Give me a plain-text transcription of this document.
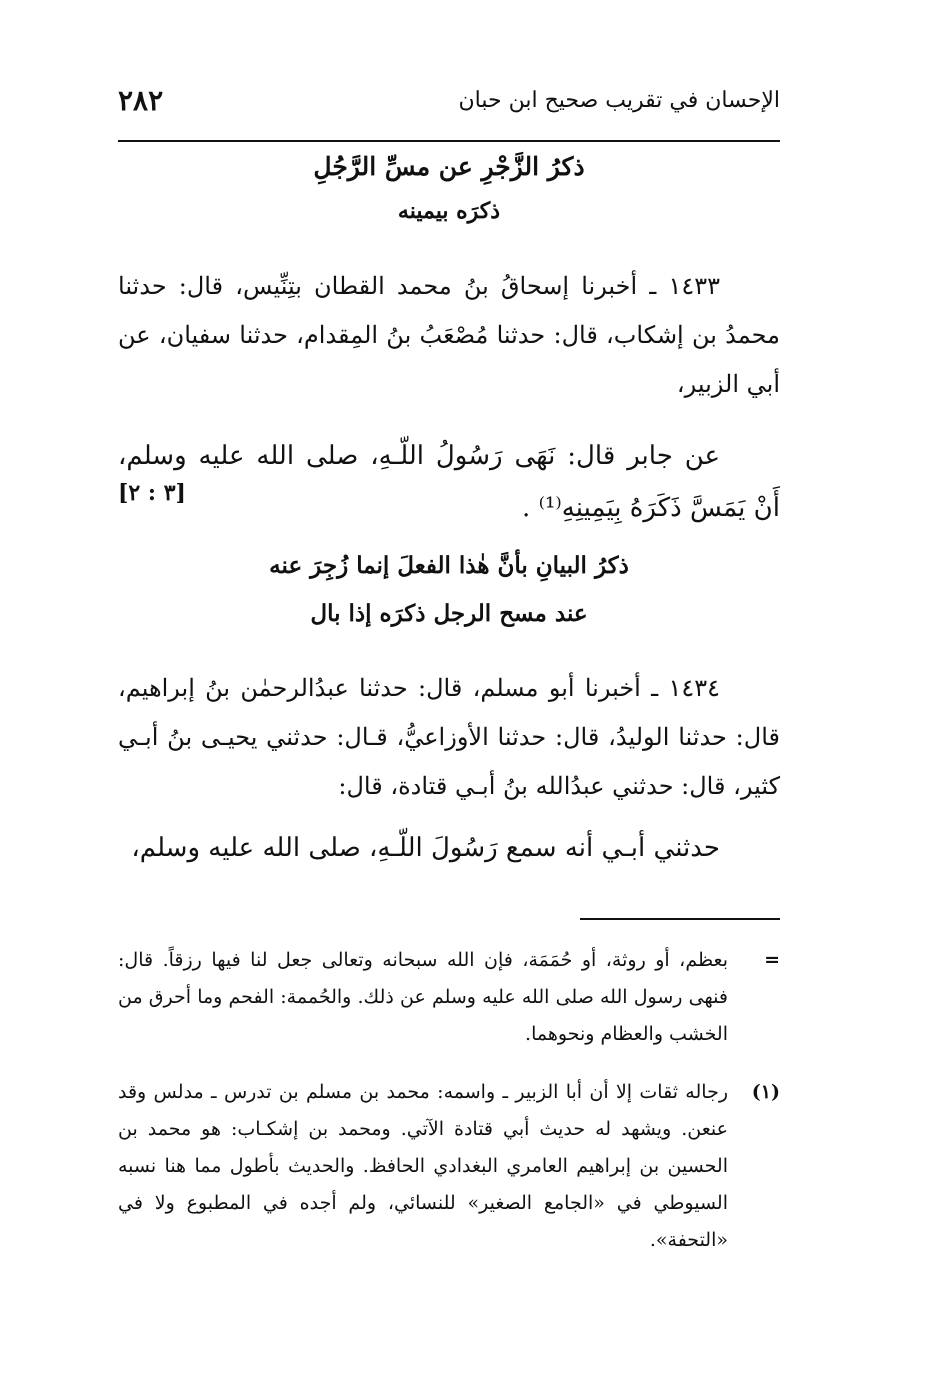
٢٨٢	الإحسان في تقريب صحيح ابن حبان
ذكرُ الزَّجْرِ عن مسِّ الرَّجُلِ
ذكرَه بيمينه
١٤٣٣ ـ أخبرنا إسحاقُ بنُ محمد القطان بتِنِّيس، قال: حدثنا محمدُ بن إشكاب، قال: حدثنا مُصْعَبُ بنُ المِقدام، حدثنا سفيان، عن أبي الزبير،
عن جابر قال: نَهَى رَسُولُ اللّـهِ، صلى الله عليه وسلم، أَنْ يَمَسَّ ذَكَرَهُ بِيَمِينِهِ⁽¹⁾ .
[٣ : ٢]
ذكرُ البيانِ بأنَّ هٰذا الفعلَ إنما زُجِرَ عنه
عند مسح الرجل ذكرَه إذا بال
١٤٣٤ ـ أخبرنا أبو مسلم، قال: حدثنا عبدُالرحمٰن بنُ إبراهيم، قال: حدثنا الوليدُ، قال: حدثنا الأوزاعيُّ، قـال: حدثني يحيـى بنُ أبـي كثير، قال: حدثني عبدُالله بنُ أبـي قتادة، قال:
حدثني أبـي أنه سمع رَسُولَ اللّـهِ، صلى الله عليه وسلم،
=
بعظم، أو روثة، أو حُمَمَة، فإن الله سبحانه وتعالى جعل لنا فيها رزقاً. قال: فنهى رسول الله صلى الله عليه وسلم عن ذلك. والحُممة: الفحم وما أحرق من الخشب والعظام ونحوهما.
(١)
رجاله ثقات إلا أن أبا الزبير ـ واسمه: محمد بن مسلم بن تدرس ـ مدلس وقد عنعن. ويشهد له حديث أبي قتادة الآتي. ومحمد بن إشكـاب: هو محمد بن الحسين بن إبراهيم العامري البغدادي الحافظ. والحديث بأطول مما هنا نسبه السيوطي في «الجامع الصغير» للنسائي، ولم أجده في المطبوع ولا في «التحفة».
